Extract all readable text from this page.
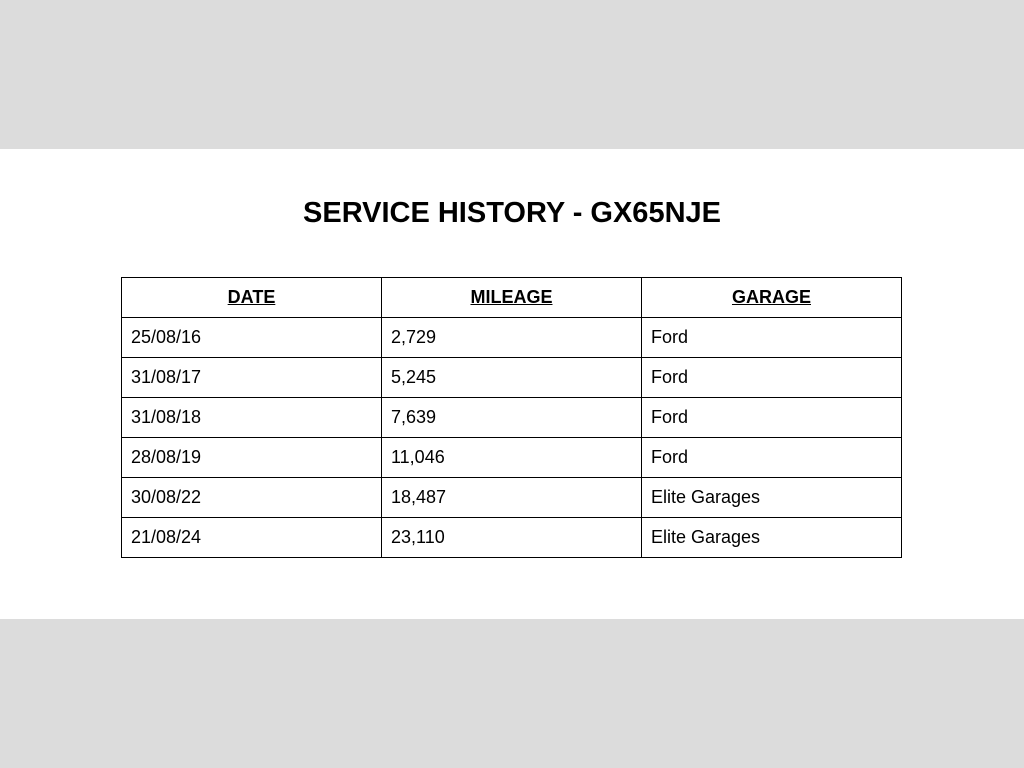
SERVICE HISTORY - GX65NJE
DATE	MILEAGE	GARAGE
25/08/16	2,729	Ford
31/08/17	5,245	Ford
31/08/18	7,639	Ford
28/08/19	11,046	Ford
30/08/22	18,487	Elite Garages
21/08/24	23,110	Elite Garages
